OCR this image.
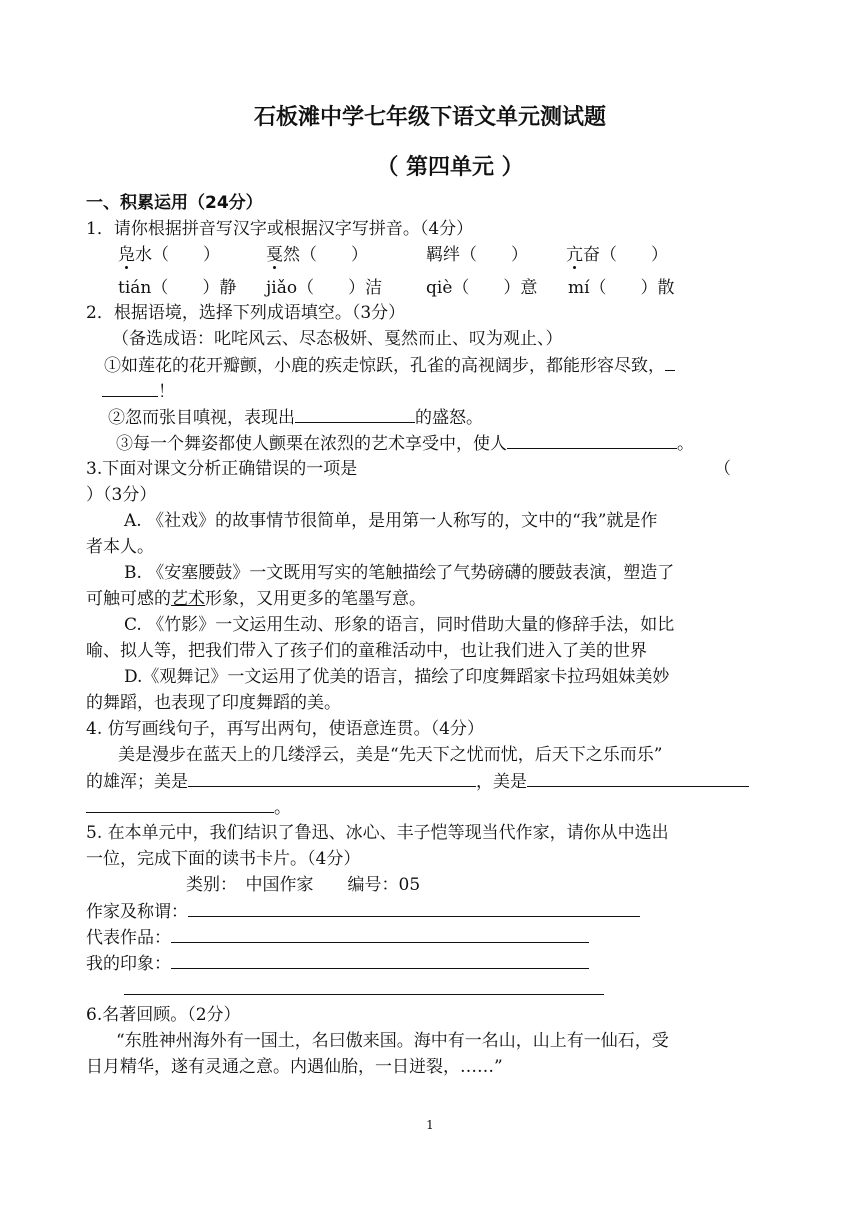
石板滩中学七年级下语文单元测试题
（ 第四单元 ）
一、积累运用（24分）
1．请你根据拼音写汉字或根据汉字写拼音。（4分）
凫水（　　）	戛然（　　）	羁绊（　　） 亢奋（　　）
tián（　　）静 jiǎo（　　）洁	qiè（　　）意 mí（　　）散
2．根据语境，选择下列成语填空。（3分）
（备选成语：叱咤风云、尽态极妍、戛然而止、叹为观止、）
①如莲花的花开瓣颤，小鹿的疾走惊跃，孔雀的高视阔步，都能形容尽致，
！
②忽而张目嗔视，表现出	的盛怒。
③每一个舞姿都使人颤栗在浓烈的艺术享受中，使人	。
3.下面对课文分析正确错误的一项是	（
）（3分）
A. 《社戏》的故事情节很简单，是用第一人称写的，文中的“我”就是作
者本人。
B. 《安塞腰鼓》一文既用写实的笔触描绘了气势磅礴的腰鼓表演，塑造了
可触可感的艺术形象，又用更多的笔墨写意。
C. 《竹影》一文运用生动、形象的语言，同时借助大量的修辞手法，如比
喻、拟人等，把我们带入了孩子们的童稚活动中，也让我们进入了美的世界
D.《观舞记》一文运用了优美的语言，描绘了印度舞蹈家卡拉玛姐妹美妙
的舞蹈，也表现了印度舞蹈的美。
4. 仿写画线句子，再写出两句，使语意连贯。（4分）
美是漫步在蓝天上的几缕浮云，美是“先天下之忧而忧，后天下之乐而乐”
的雄浑；美是	，美是
。
5. 在本单元中，我们结识了鲁迅、冰心、丰子恺等现当代作家，请你从中选出
一位，完成下面的读书卡片。（4分）
类别：　中国作家　　编号：05
作家及称谓：
代表作品：
我的印象：
6.名著回顾。（2分）
“东胜神州海外有一国土，名曰傲来国。海中有一名山，山上有一仙石，受
日月精华，遂有灵通之意。内遇仙胎，一日迸裂，……”
1
